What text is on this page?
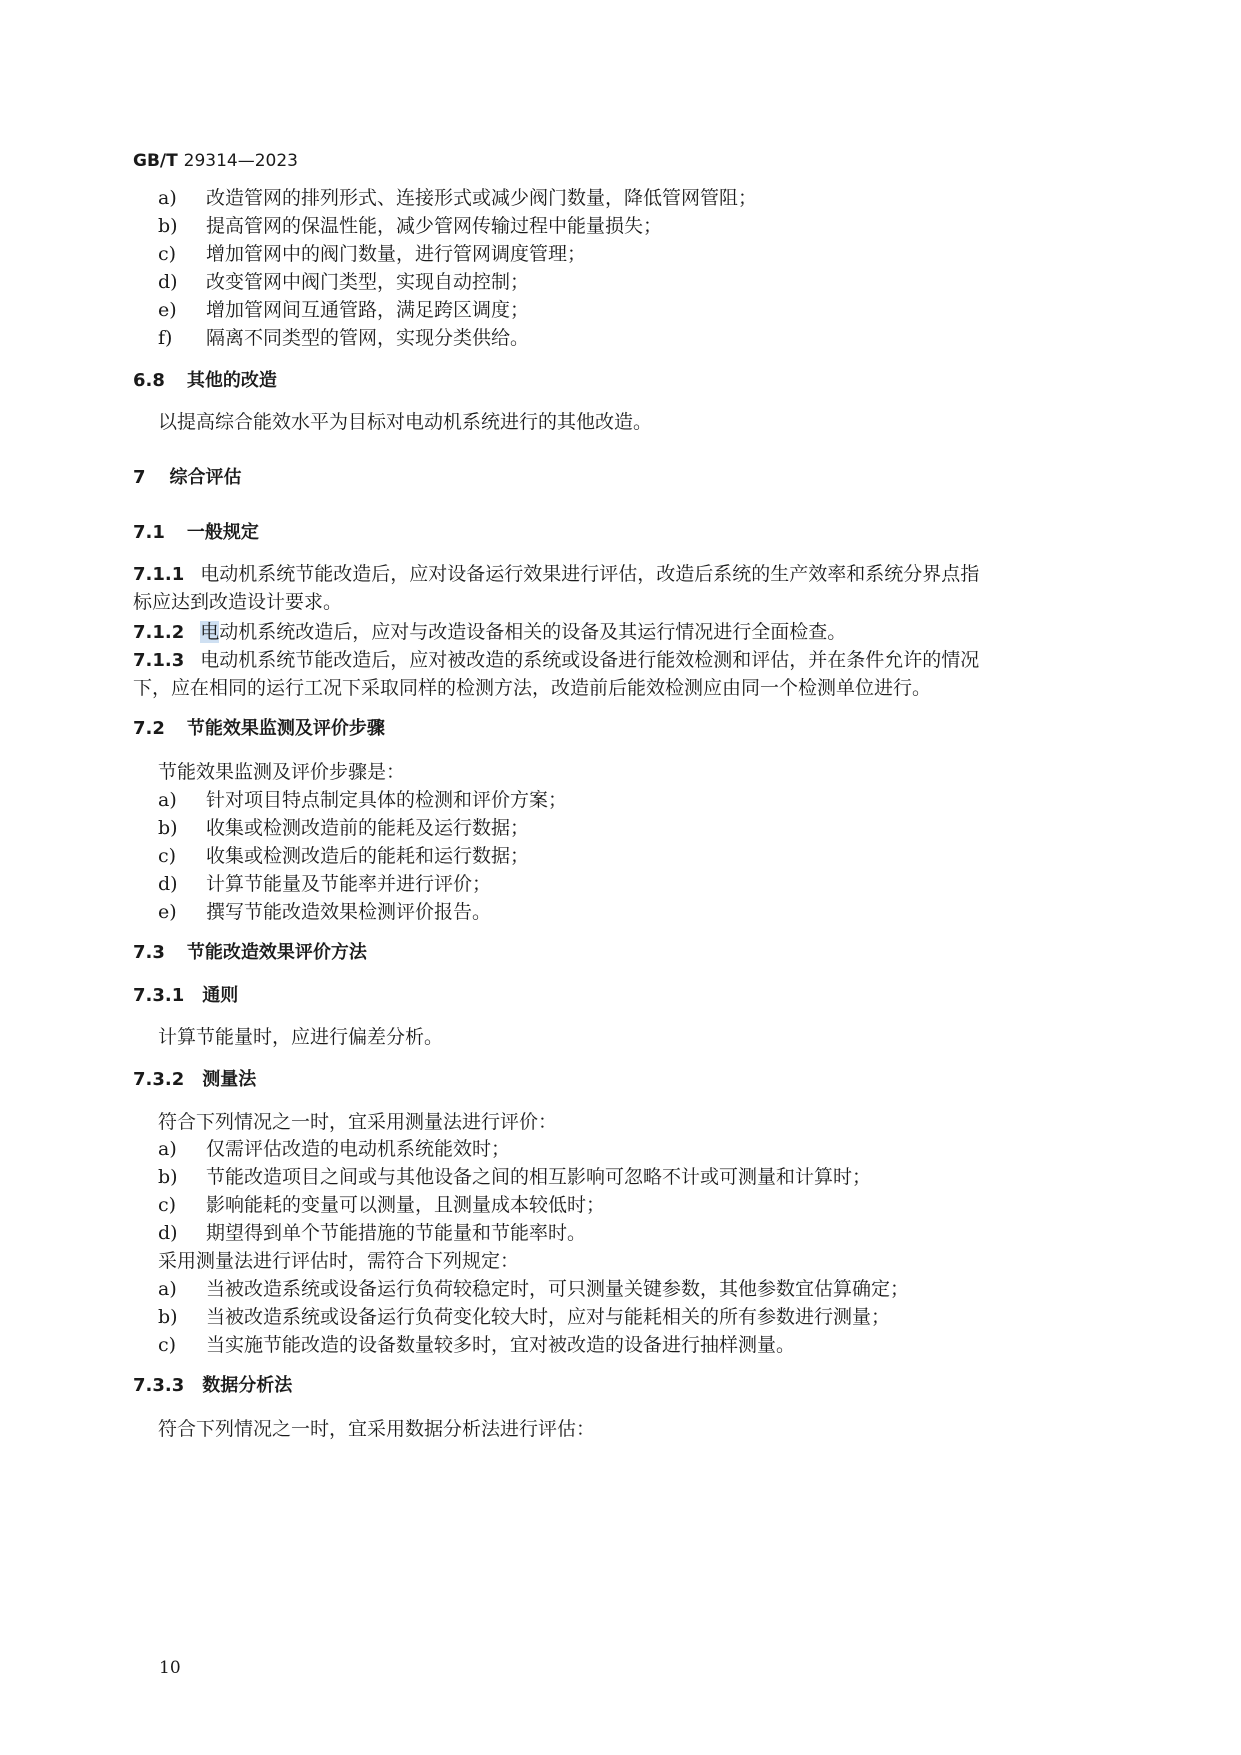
GB/T 29314—2023
a) 改造管网的排列形式、连接形式或减少阀门数量，降低管网管阻；
b) 提高管网的保温性能，减少管网传输过程中能量损失；
c) 增加管网中的阀门数量，进行管网调度管理；
d) 改变管网中阀门类型，实现自动控制；
e) 增加管网间互通管路，满足跨区调度；
f) 隔离不同类型的管网，实现分类供给。
6.8 其他的改造
以提高综合能效水平为目标对电动机系统进行的其他改造。
7 综合评估
7.1 一般规定
7.1.1 电动机系统节能改造后，应对设备运行效果进行评估，改造后系统的生产效率和系统分界点指
标应达到改造设计要求。
7.1.2 电动机系统改造后，应对与改造设备相关的设备及其运行情况进行全面检查。
7.1.3 电动机系统节能改造后，应对被改造的系统或设备进行能效检测和评估，并在条件允许的情况
下，应在相同的运行工况下采取同样的检测方法，改造前后能效检测应由同一个检测单位进行。
7.2 节能效果监测及评价步骤
节能效果监测及评价步骤是：
a) 针对项目特点制定具体的检测和评价方案；
b) 收集或检测改造前的能耗及运行数据；
c) 收集或检测改造后的能耗和运行数据；
d) 计算节能量及节能率并进行评价；
e) 撰写节能改造效果检测评价报告。
7.3 节能改造效果评价方法
7.3.1 通则
计算节能量时，应进行偏差分析。
7.3.2 测量法
符合下列情况之一时，宜采用测量法进行评价：
a) 仅需评估改造的电动机系统能效时；
b) 节能改造项目之间或与其他设备之间的相互影响可忽略不计或可测量和计算时；
c) 影响能耗的变量可以测量，且测量成本较低时；
d) 期望得到单个节能措施的节能量和节能率时。
采用测量法进行评估时，需符合下列规定：
a) 当被改造系统或设备运行负荷较稳定时，可只测量关键参数，其他参数宜估算确定；
b) 当被改造系统或设备运行负荷变化较大时，应对与能耗相关的所有参数进行测量；
c) 当实施节能改造的设备数量较多时，宜对被改造的设备进行抽样测量。
7.3.3 数据分析法
符合下列情况之一时，宜采用数据分析法进行评估：
10
